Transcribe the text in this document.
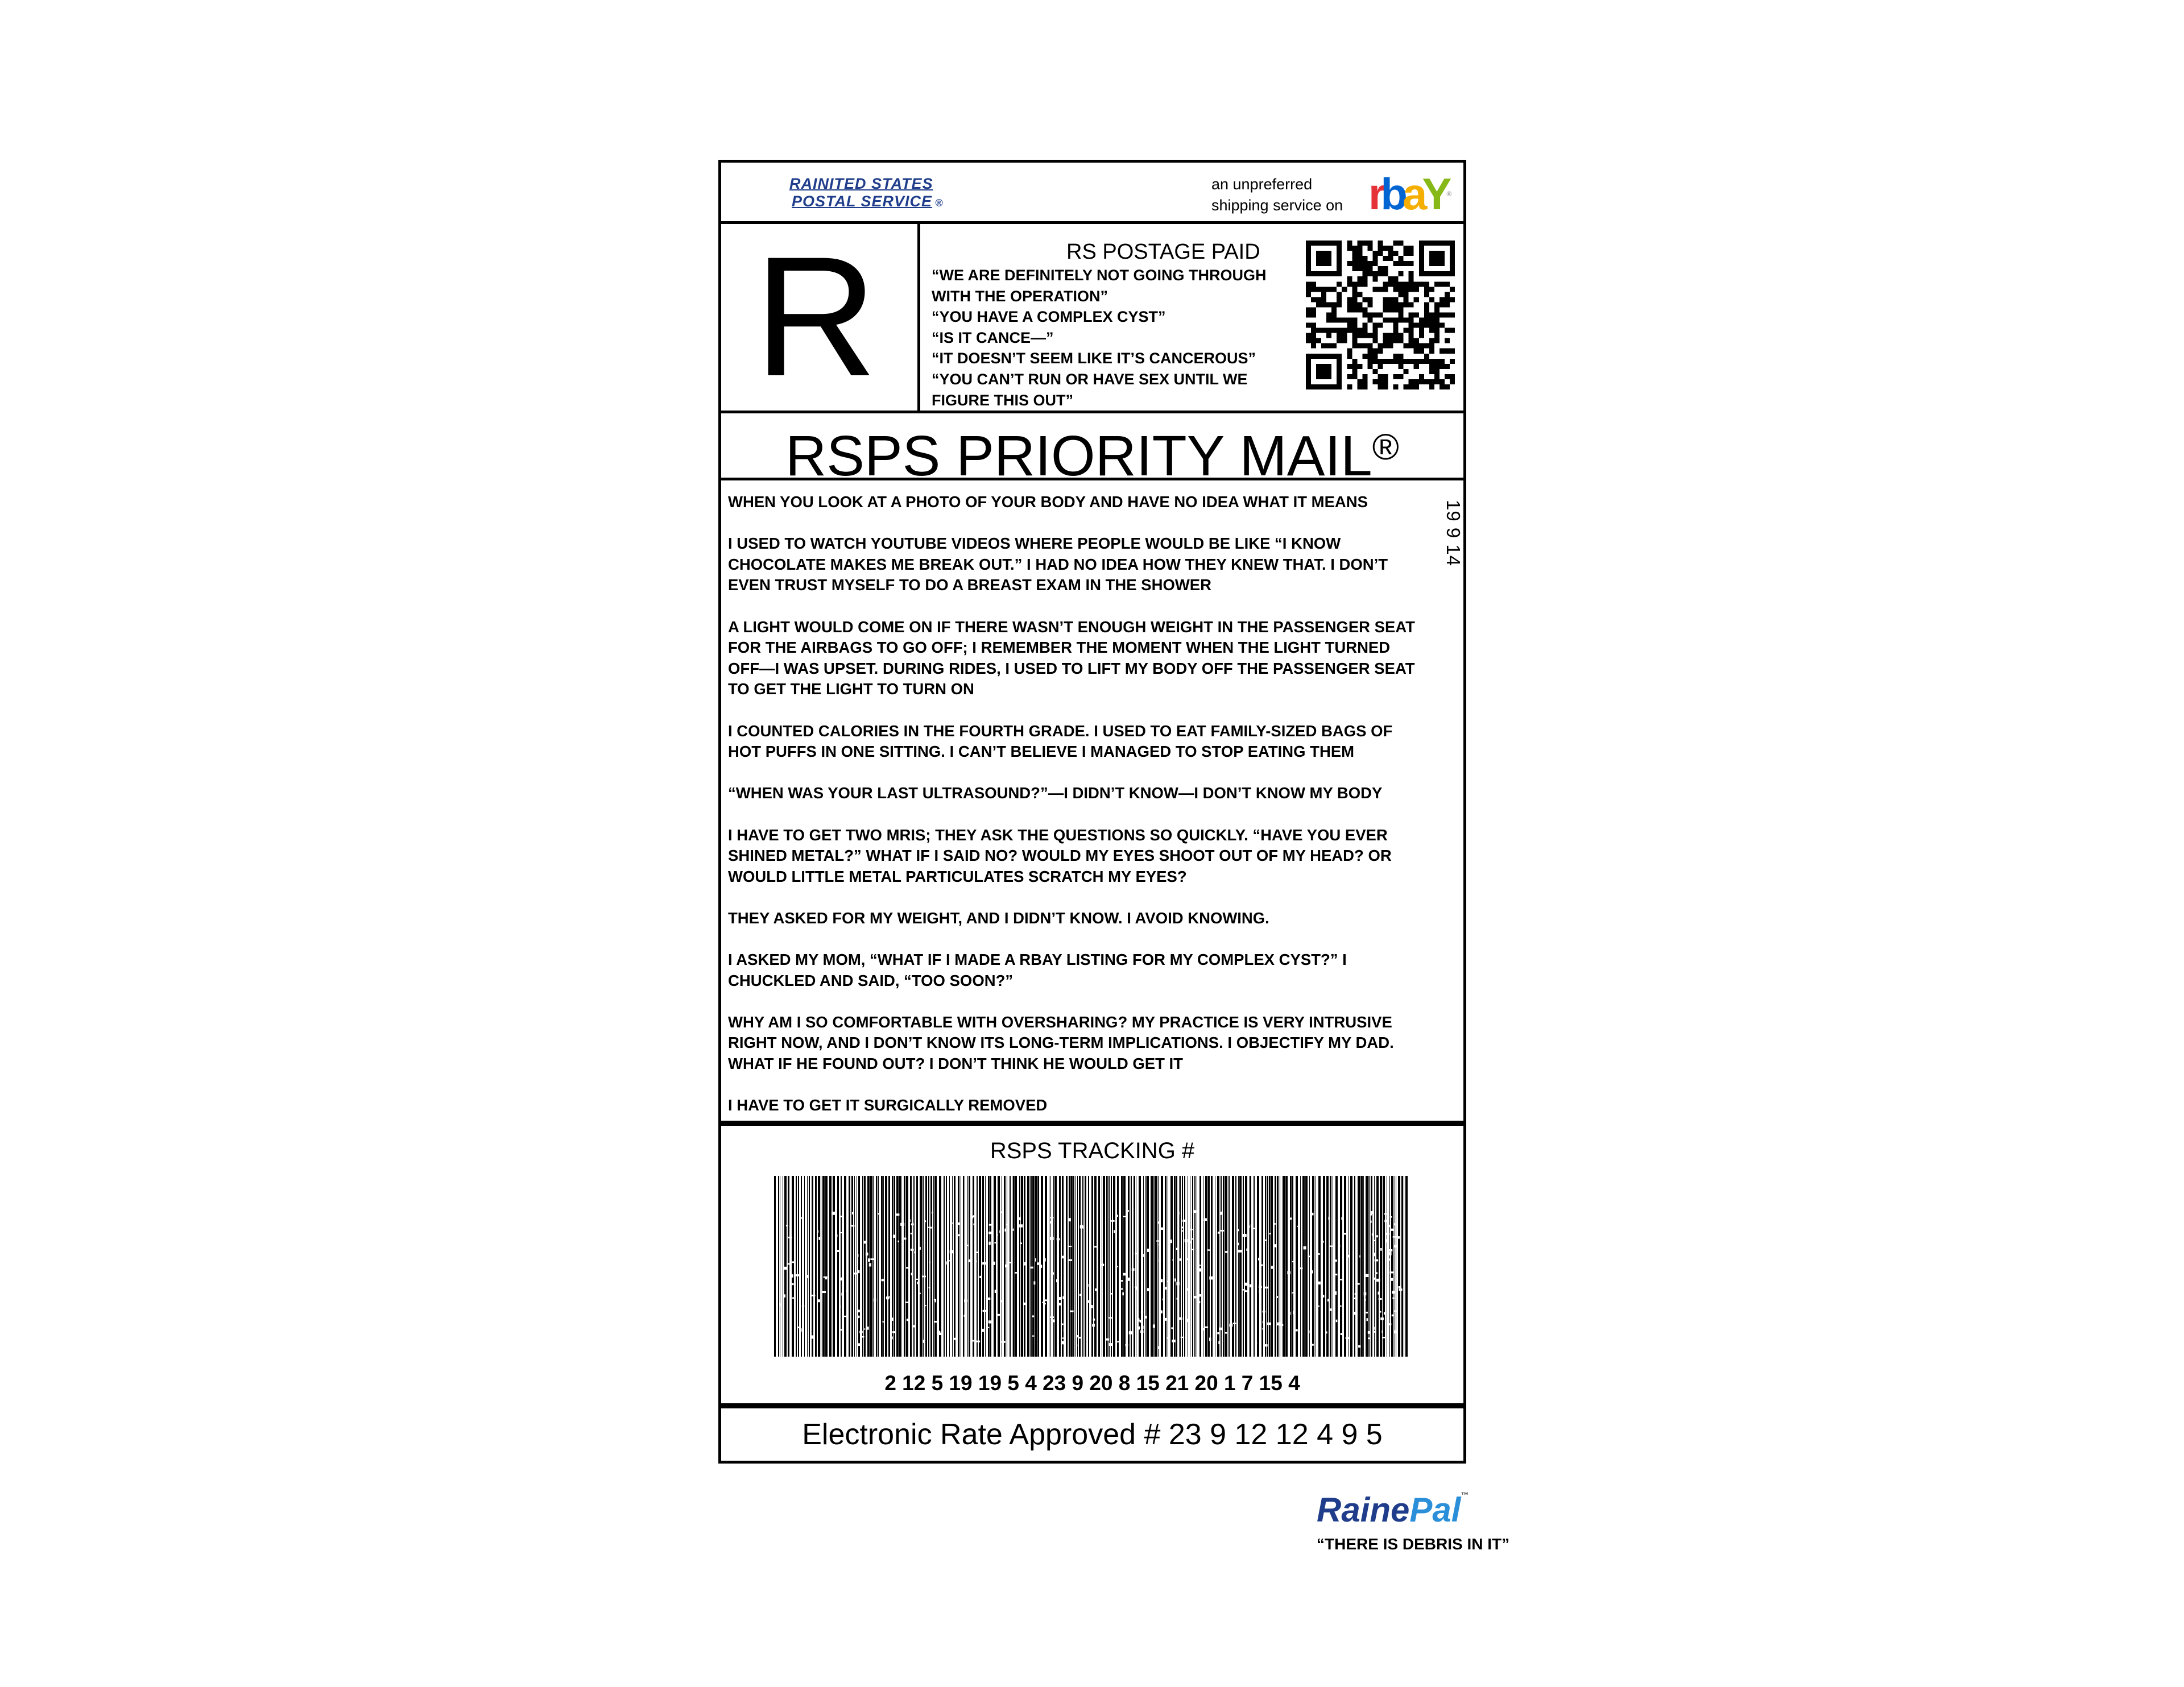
RAINITED STATES
POSTAL SERVICE ®
an unpreferred
shipping service on rbaY®
R	RS POSTAGE PAID
“WE ARE DEFINITELY NOT GOING THROUGH
WITH THE OPERATION”
“YOU HAVE A COMPLEX CYST”
“IS IT CANCE—”
“IT DOESN’T SEEM LIKE IT’S CANCEROUS”
“YOU CAN’T RUN OR HAVE SEX UNTIL WE
FIGURE THIS OUT”
RSPS PRIORITY MAIL®

WHEN YOU LOOK AT A PHOTO OF YOUR BODY AND HAVE NO IDEA WHAT IT MEANS

I USED TO WATCH YOUTUBE VIDEOS WHERE PEOPLE WOULD BE LIKE “I KNOW
CHOCOLATE MAKES ME BREAK OUT.” I HAD NO IDEA HOW THEY KNEW THAT. I DON’T
EVEN TRUST MYSELF TO DO A BREAST EXAM IN THE SHOWER

A LIGHT WOULD COME ON IF THERE WASN’T ENOUGH WEIGHT IN THE PASSENGER SEAT
FOR THE AIRBAGS TO GO OFF; I REMEMBER THE MOMENT WHEN THE LIGHT TURNED
OFF—I WAS UPSET. DURING RIDES, I USED TO LIFT MY BODY OFF THE PASSENGER SEAT
TO GET THE LIGHT TO TURN ON

I COUNTED CALORIES IN THE FOURTH GRADE. I USED TO EAT FAMILY-SIZED BAGS OF
HOT PUFFS IN ONE SITTING. I CAN’T BELIEVE I MANAGED TO STOP EATING THEM

“WHEN WAS YOUR LAST ULTRASOUND?”—I DIDN’T KNOW—I DON’T KNOW MY BODY

I HAVE TO GET TWO MRIS; THEY ASK THE QUESTIONS SO QUICKLY. “HAVE YOU EVER
SHINED METAL?” WHAT IF I SAID NO? WOULD MY EYES SHOOT OUT OF MY HEAD? OR
WOULD LITTLE METAL PARTICULATES SCRATCH MY EYES?

THEY ASKED FOR MY WEIGHT, AND I DIDN’T KNOW. I AVOID KNOWING.

I ASKED MY MOM, “WHAT IF I MADE A RBAY LISTING FOR MY COMPLEX CYST?” I
CHUCKLED AND SAID, “TOO SOON?”

WHY AM I SO COMFORTABLE WITH OVERSHARING? MY PRACTICE IS VERY INTRUSIVE
RIGHT NOW, AND I DON’T KNOW ITS LONG-TERM IMPLICATIONS. I OBJECTIFY MY DAD.
WHAT IF HE FOUND OUT? I DON’T THINK HE WOULD GET IT

I HAVE TO GET IT SURGICALLY REMOVED

19 9 14
RSPS TRACKING #
2 12 5 19 19 5 4 23 9 20 8 15 21 20 1 7 15 4
Electronic Rate Approved # 23 9 12 12 4 9 5
RainePal™
“THERE IS DEBRIS IN IT”
